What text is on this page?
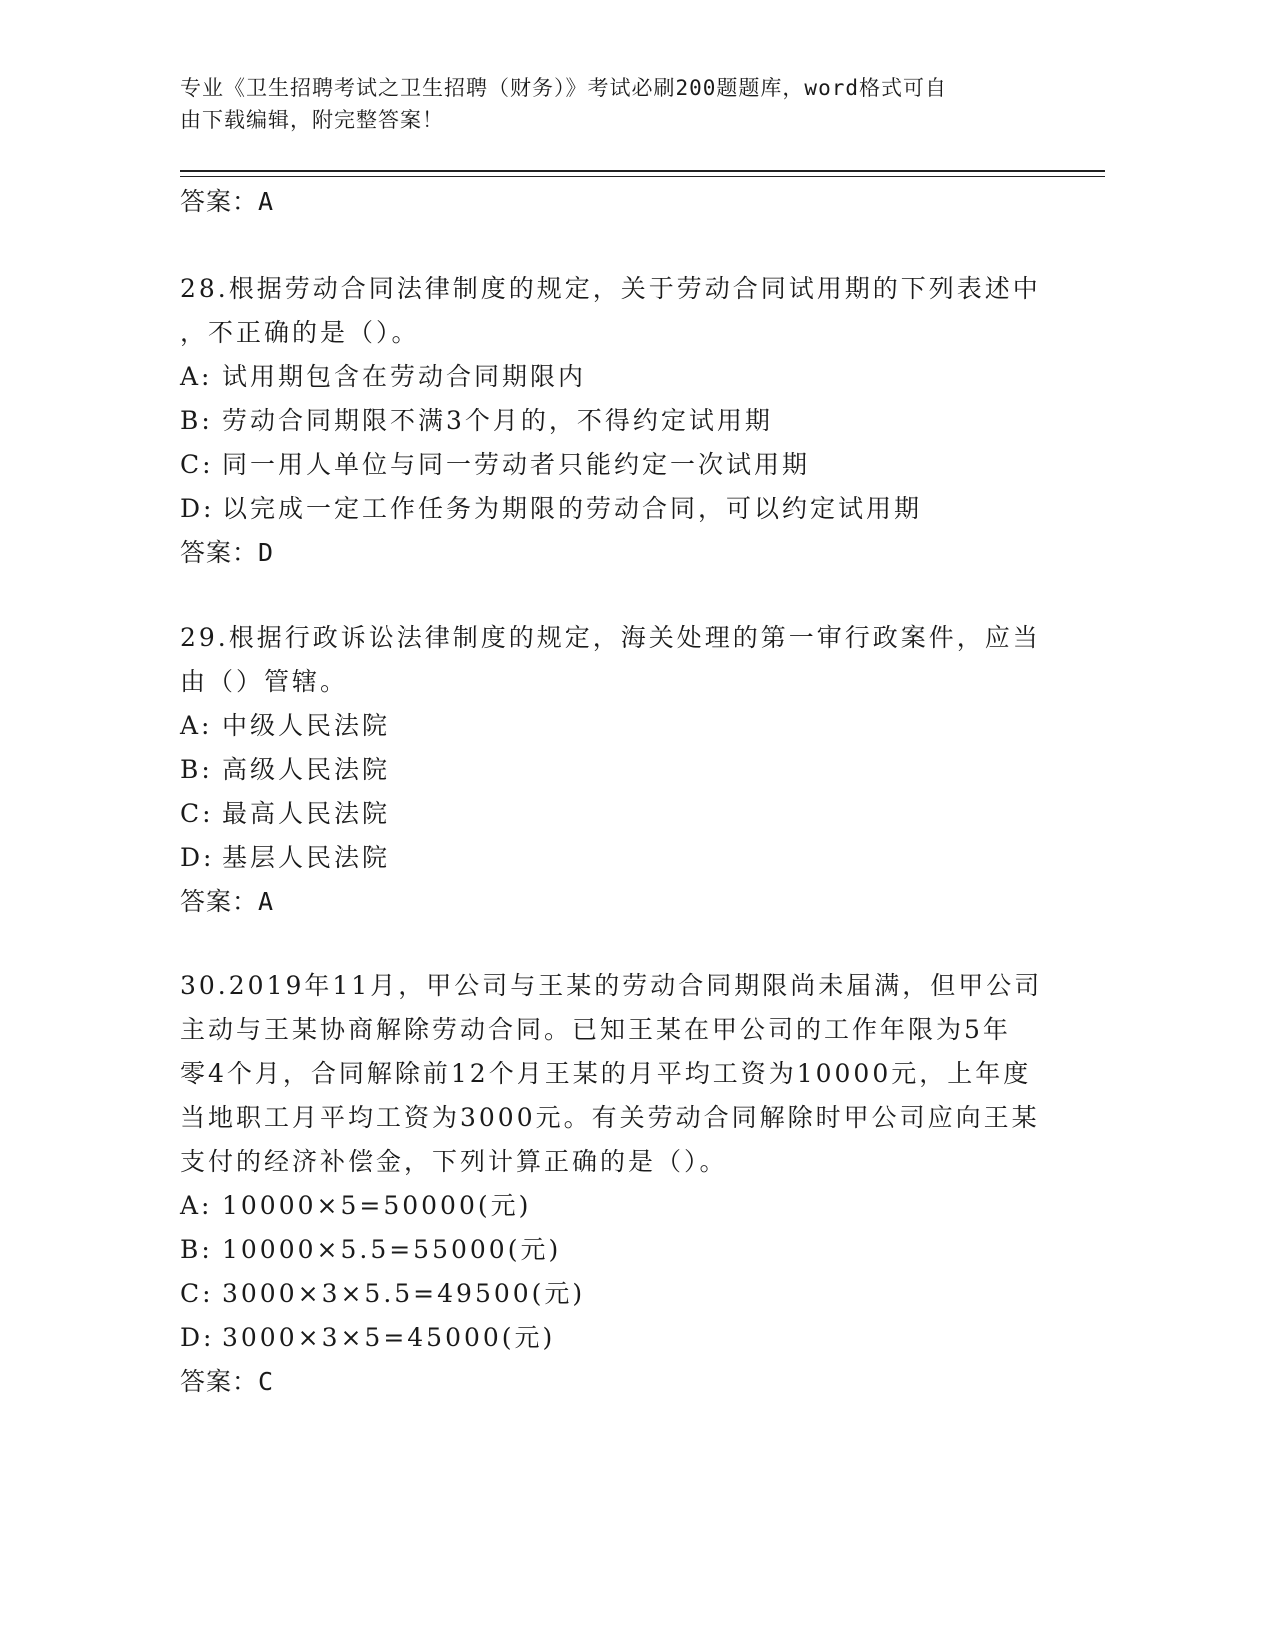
专业《卫生招聘考试之卫生招聘（财务）》考试必刷200题题库，word格式可自
由下载编辑，附完整答案！
答案：A
28.根据劳动合同法律制度的规定，关于劳动合同试用期的下列表述中
，不正确的是（）。
A: 试用期包含在劳动合同期限内
B: 劳动合同期限不满3个月的，不得约定试用期
C: 同一用人单位与同一劳动者只能约定一次试用期
D: 以完成一定工作任务为期限的劳动合同，可以约定试用期
答案：D
29.根据行政诉讼法律制度的规定，海关处理的第一审行政案件，应当
由（）管辖。
A: 中级人民法院
B: 高级人民法院
C: 最高人民法院
D: 基层人民法院
答案：A
30.2019年11月，甲公司与王某的劳动合同期限尚未届满，但甲公司
主动与王某协商解除劳动合同。已知王某在甲公司的工作年限为5年
零4个月，合同解除前12个月王某的月平均工资为10000元，上年度
当地职工月平均工资为3000元。有关劳动合同解除时甲公司应向王某
支付的经济补偿金，下列计算正确的是（）。
A: 10000×5=50000(元)
B: 10000×5.5=55000(元)
C: 3000×3×5.5=49500(元)
D: 3000×3×5=45000(元)
答案：C
